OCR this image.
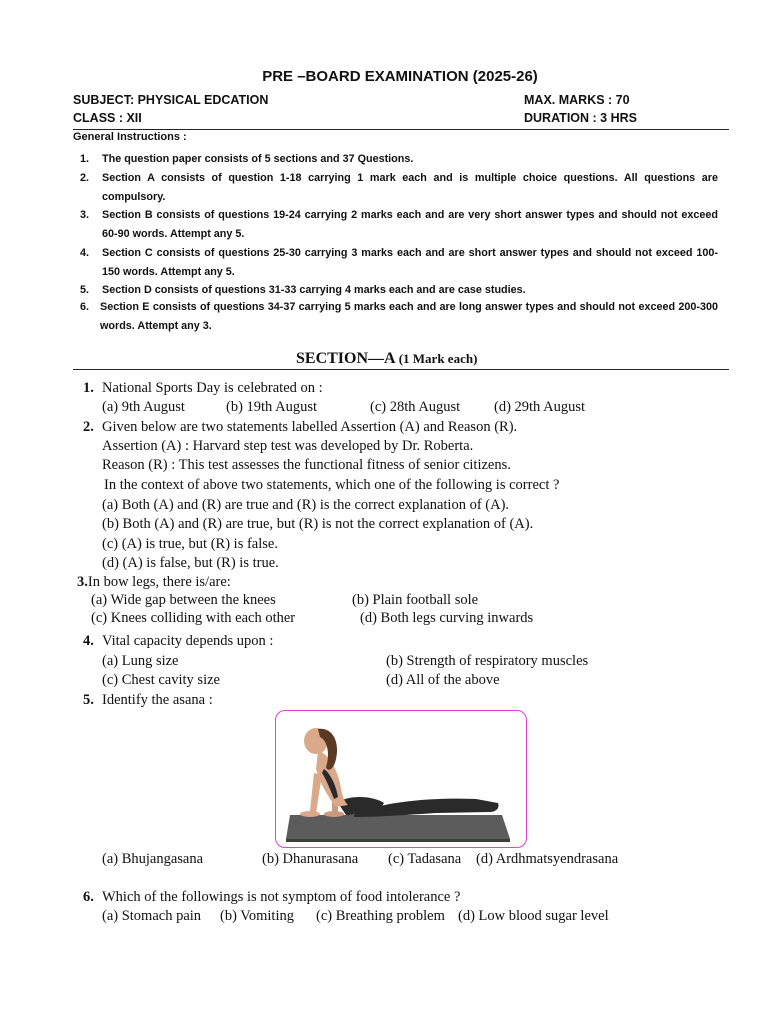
PRE –BOARD EXAMINATION (2025-26)
SUBJECT: PHYSICAL EDCATION	MAX. MARKS : 70
CLASS : XII	DURATION : 3 HRS
General Instructions :
1. The question paper consists of 5 sections and 37 Questions.
2. Section A consists of question 1-18 carrying 1 mark each and is multiple choice questions. All questions are compulsory.
3. Section B consists of questions 19-24 carrying 2 marks each and are very short answer types and should not exceed 60-90 words. Attempt any 5.
4. Section C consists of questions 25-30 carrying 3 marks each and are short answer types and should not exceed 100-150 words. Attempt any 5.
5. Section D consists of questions 31-33 carrying 4 marks each and are case studies.
6. Section E consists of questions 34-37 carrying 5 marks each and are long answer types and should not exceed 200-300 words. Attempt any 3.
SECTION—A (1 Mark each)
1. National Sports Day is celebrated on :
(a) 9th August	(b) 19th August	(c) 28th August (d) 29th August
2. Given below are two statements labelled Assertion (A) and Reason (R).
Assertion (A) : Harvard step test was developed by Dr. Roberta.
Reason (R) : This test assesses the functional fitness of senior citizens.
In the context of above two statements, which one of the following is correct ?
(a) Both (A) and (R) are true and (R) is the correct explanation of (A).
(b) Both (A) and (R) are true, but (R) is not the correct explanation of (A).
(c) (A) is true, but (R) is false.
(d) (A) is false, but (R) is true.
3.In bow legs, there is/are:
(a) Wide gap between the knees	(b) Plain football sole
(c) Knees colliding with each other	(d) Both legs curving inwards
4. Vital capacity depends upon :
(a) Lung size	(b) Strength of respiratory muscles
(c) Chest cavity size	(d) All of the above
5. Identify the asana :
(a) Bhujangasana	(b) Dhanurasana (c) Tadasana (d) Ardhmatsyendrasana
6. Which of the followings is not symptom of food intolerance ?
(a) Stomach pain (b) Vomiting (c) Breathing problem (d) Low blood sugar level
